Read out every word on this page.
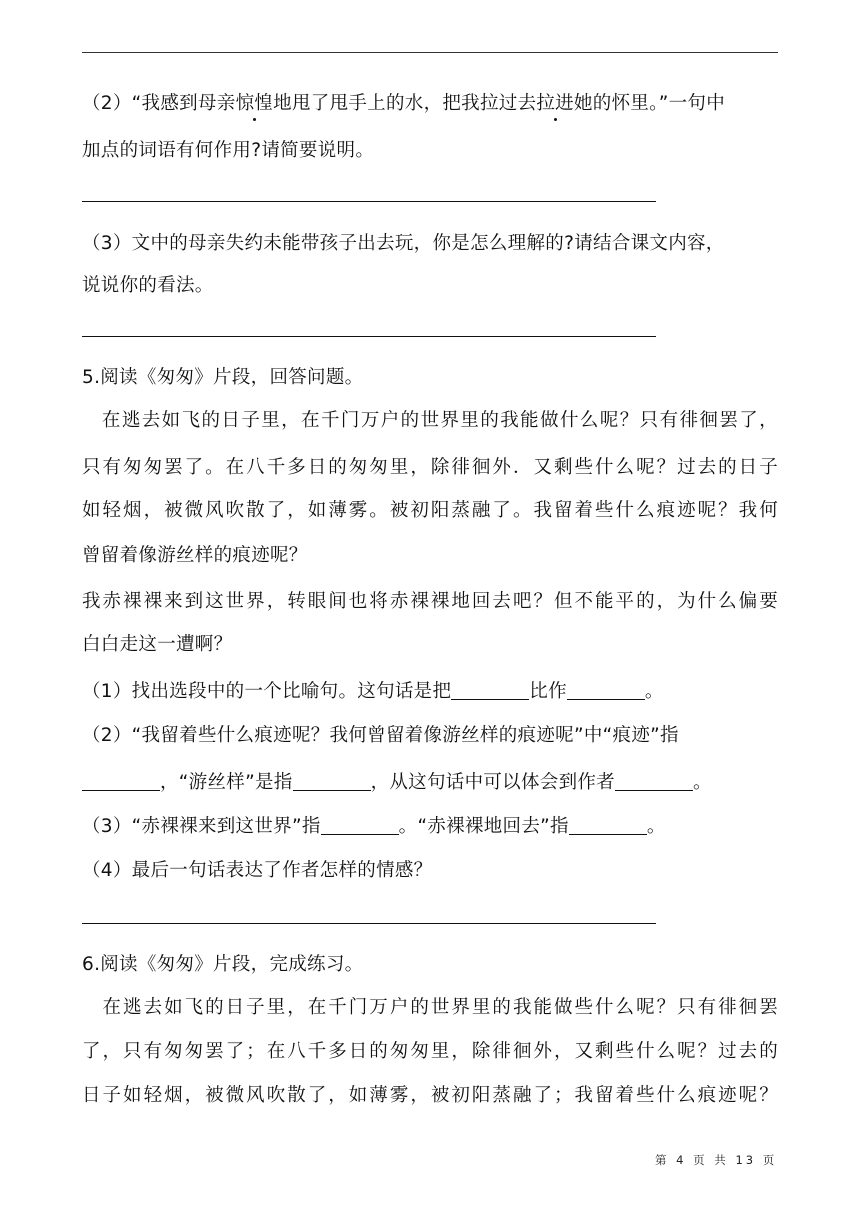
（2）“我感到母亲惊惶地甩了甩手上的水，把我拉过去拉进她的怀里。”一句中
加点的词语有何作用?请简要说明。
（3）文中的母亲失约未能带孩子出去玩，你是怎么理解的?请结合课文内容，
说说你的看法。
5.阅读《匆匆》片段，回答问题。
　在逃去如飞的日子里，在千门万户的世界里的我能做什么呢？只有徘徊罢了，
只有匆匆罢了。在八千多日的匆匆里，除徘徊外．又剩些什么呢？过去的日子
如轻烟，被微风吹散了，如薄雾。被初阳蒸融了。我留着些什么痕迹呢？我何
曾留着像游丝样的痕迹呢？
我赤裸裸来到这世界，转眼间也将赤裸裸地回去吧？但不能平的，为什么偏要
白白走这一遭啊？
（1）找出选段中的一个比喻句。这句话是把	比作	。
（2）“我留着些什么痕迹呢？我何曾留着像游丝样的痕迹呢”中“痕迹”指
，“游丝样”是指	，从这句话中可以体会到作者	。
（3）“赤裸裸来到这世界”指	。“赤裸裸地回去”指	。
（4）最后一句话表达了作者怎样的情感？
6.阅读《匆匆》片段，完成练习。
　在逃去如飞的日子里，在千门万户的世界里的我能做些什么呢？只有徘徊罢
了，只有匆匆罢了；在八千多日的匆匆里，除徘徊外，又剩些什么呢？过去的
日子如轻烟，被微风吹散了，如薄雾，被初阳蒸融了；我留着些什么痕迹呢？
第 4 页 共 13 页
